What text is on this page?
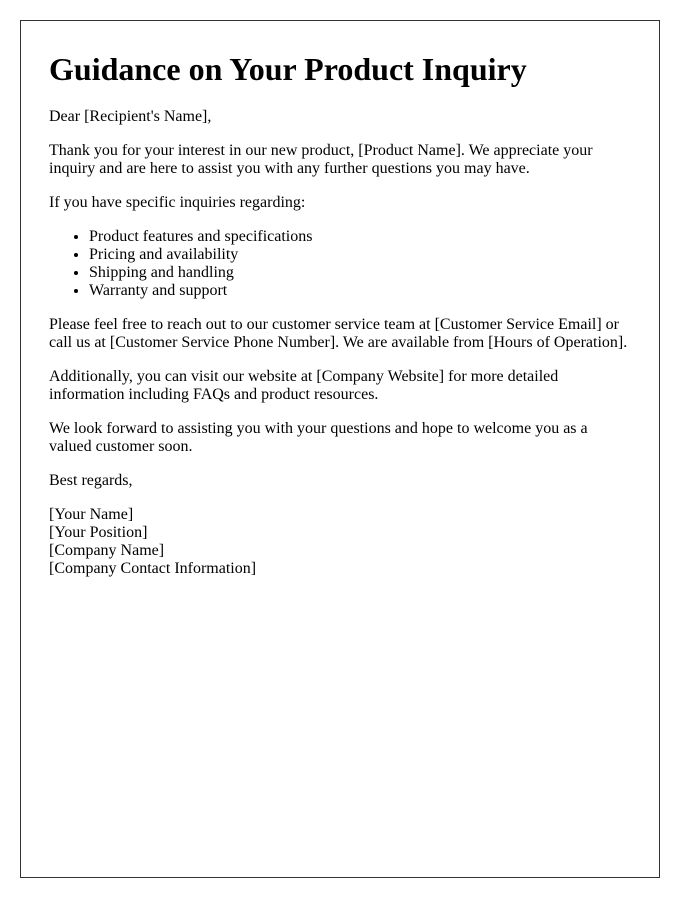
Guidance on Your Product Inquiry

Dear [Recipient's Name],

Thank you for your interest in our new product, [Product Name]. We appreciate your inquiry and are here to assist you with any further questions you may have.

If you have specific inquiries regarding:

• Product features and specifications
• Pricing and availability
• Shipping and handling
• Warranty and support

Please feel free to reach out to our customer service team at [Customer Service Email] or call us at [Customer Service Phone Number]. We are available from [Hours of Operation].

Additionally, you can visit our website at [Company Website] for more detailed information including FAQs and product resources.

We look forward to assisting you with your questions and hope to welcome you as a valued customer soon.

Best regards,

[Your Name]
[Your Position]
[Company Name]
[Company Contact Information]
